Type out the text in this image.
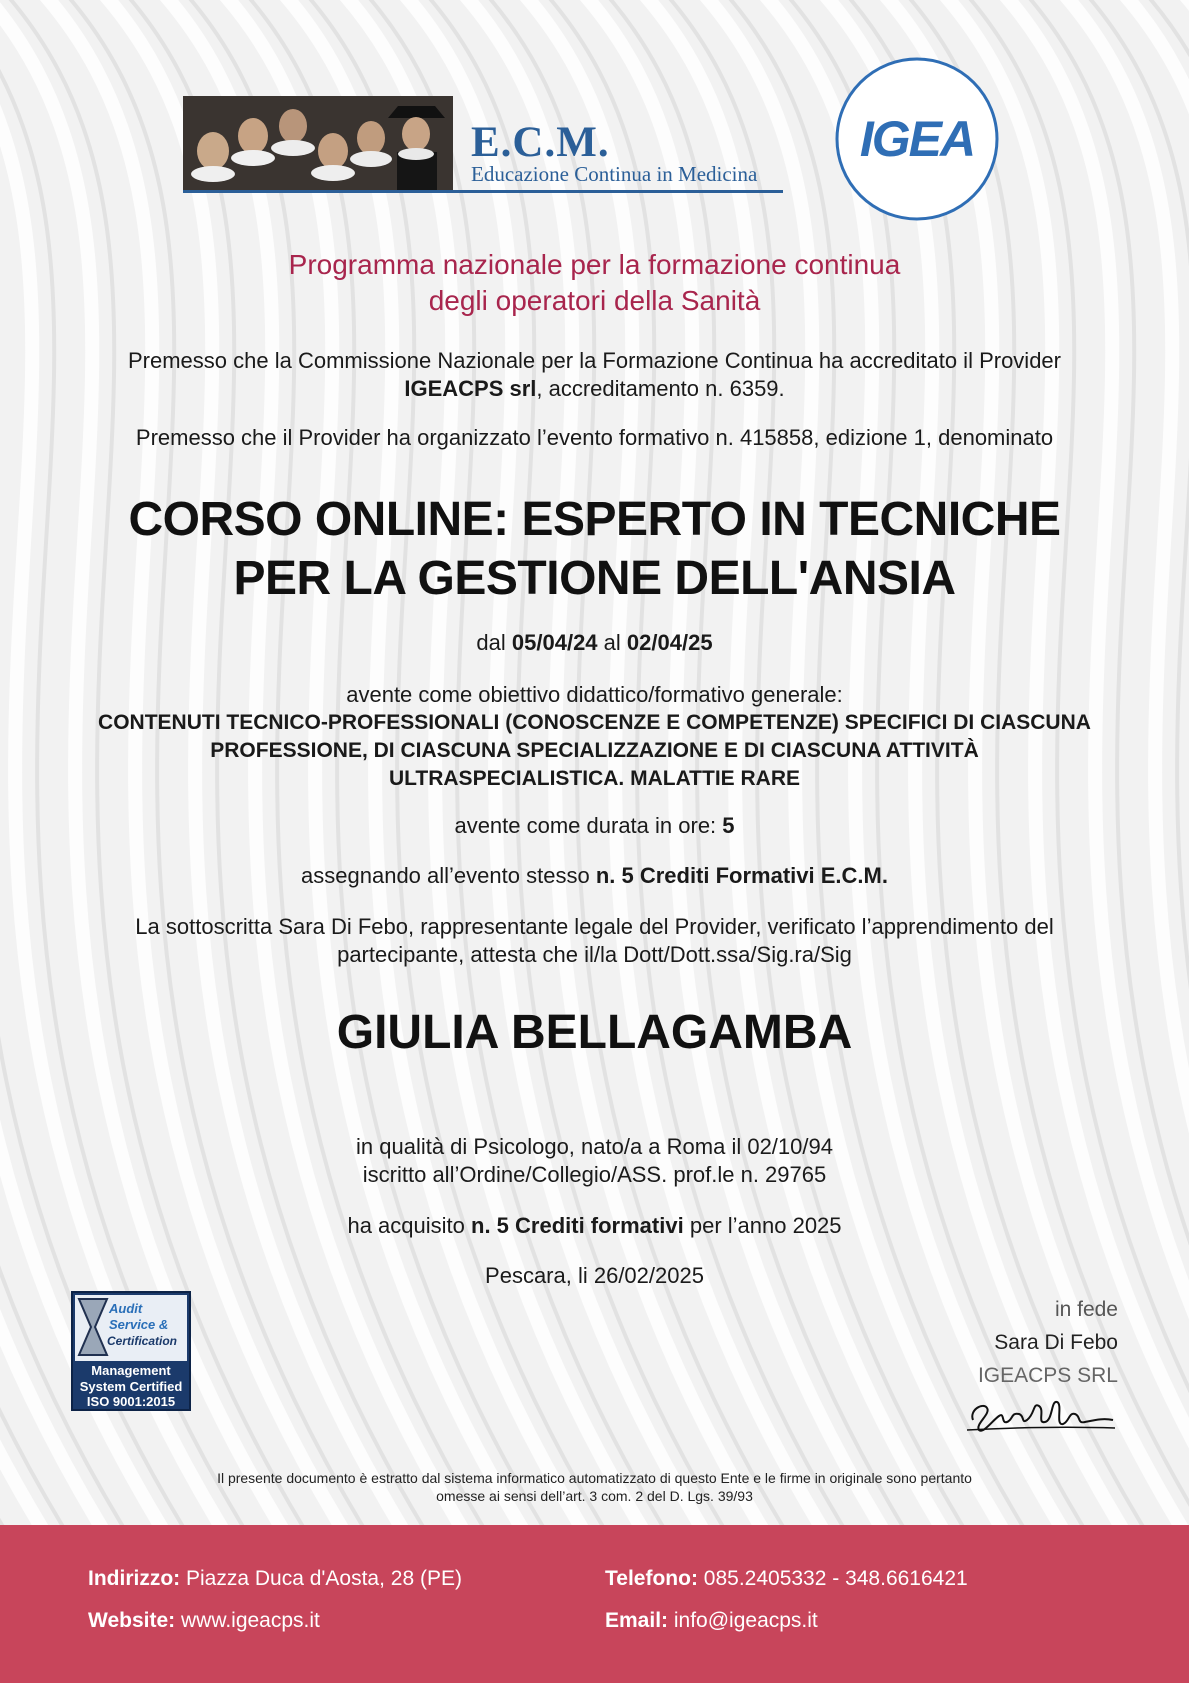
E.C.M.
Educazione Continua in Medicina
IGEA
Programma nazionale per la formazione continua
degli operatori della Sanità
Premesso che la Commissione Nazionale per la Formazione Continua ha accreditato il Provider
IGEACPS srl, accreditamento n. 6359.
Premesso che il Provider ha organizzato l’evento formativo n. 415858, edizione 1, denominato
CORSO ONLINE: ESPERTO IN TECNICHE
PER LA GESTIONE DELL'ANSIA
dal 05/04/24 al 02/04/25
avente come obiettivo didattico/formativo generale:
CONTENUTI TECNICO-PROFESSIONALI (CONOSCENZE E COMPETENZE) SPECIFICI DI CIASCUNA
PROFESSIONE, DI CIASCUNA SPECIALIZZAZIONE E DI CIASCUNA ATTIVITÀ
ULTRASPECIALISTICA. MALATTIE RARE
avente come durata in ore: 5
assegnando all’evento stesso n. 5 Crediti Formativi E.C.M.
La sottoscritta Sara Di Febo, rappresentante legale del Provider, verificato l’apprendimento del
partecipante, attesta che il/la Dott/Dott.ssa/Sig.ra/Sig
GIULIA BELLAGAMBA
in qualità di Psicologo, nato/a a Roma il 02/10/94
iscritto all’Ordine/Collegio/ASS. prof.le n. 29765
ha acquisito n. 5 Crediti formativi per l’anno 2025
Pescara, li 26/02/2025
Audit
Service &
Certification
Management
System Certified
ISO 9001:2015
in fede
Sara Di Febo
IGEACPS SRL
Il presente documento è estratto dal sistema informatico automatizzato di questo Ente e le firme in originale sono pertanto
omesse ai sensi dell’art. 3 com. 2 del D. Lgs. 39/93
Indirizzo: Piazza Duca d'Aosta, 28 (PE)
Website: www.igeacps.it
Telefono: 085.2405332 - 348.6616421
Email: info@igeacps.it
